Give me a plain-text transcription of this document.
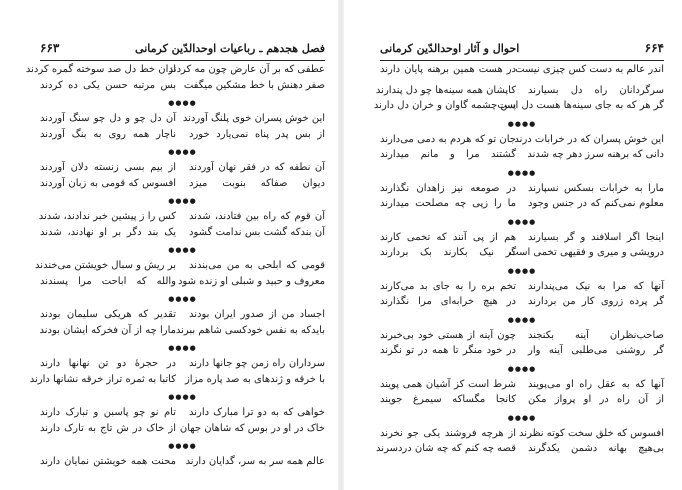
۶۶۳	فصل هجدهم ـ رباعیات اوحدالدّین کرمانی
عطفی که بر آن عارض چون مه کردند
ازان خط دل صد سوخته گمره کردند
صفر دهنش با خط مشکین میگفت
بس مرتبه حسن یکی ده کردند
●●●●
این خوش پسران خوی پلنگ آوردند
آن دل چو و دل چو سنگ آوردند
از بس پدر پناه نمی‌یارد خورد
ناچار همه روی به بنگ آوردند
●●●●
آن نطفه که در فقر نهان آوردند
از بیم بسی زنسته دلان آوردند
دیوان صفاکه بنوبت میزد
افسوس که قومی به زبان آوردند
●●●●
آن قوم که راه بین فتادند، شدند
کس را ز پیشین خبر ندادند، شدند
آن بندکه گشت بس ندامت گشود
یک بند دگر بر او نهادند، شدند
●●●●
قومی که ابلحی به من می‌بندند
بر ریش و سبال خویشتن می‌خندند
معروف و حبید و شبلی او زنده شود
والله که اباحت مرا پسندند
●●●●
اجساد من از صدور ایران بودند
تقدیر که هریکی سلیمان بودند
بایدکه به نفس خودکسی شاهم ببرند
مارا چه از آن فخرکه ایشان بودند
●●●●
سرداران راه زمن چو جانها دارند
در حجرۀ دو تن نهانها دارند
با خرقه و ژندهای به صد پاره مزاز
کاتبا به ثمره تراز خرقه نشانها دارند
●●●●
خواهی که به دو ترا مبارک دارند
تام نو چو پاسبن و تبارک دارند
خاک در او در بوس که شاهان جهان
از خاک در ش تاج به تارک دارند
●●●●
عالم همه سر به سر، گدایان دارند
محنت همه خویشتن نمایان دارند
احوال و آثار اوحدالدّین کرمانی	۶۶۴
اندر عالم به دست کس چیزی نیست
در هست همین برهنه پایان دارند
سرگردانان راه دل بسیارند
کاپشان همه سینه‌ها چو دل پندارند
گر هر که به جای سینه‌ها هست دل است
پس چشمه گاوان و خران دل دارند
●●●●
این خوش پسران که در خرابات درند
جان تو که هردم به دمی می‌دارند
دانی که برهنه سرز دهر چه شدند
گشتند مرا و مانم میدارند
●●●●
مارا به خرابات بسکس نسپارند
در صومعه نیز زاهدان نگذارند
معلوم نمی‌کنم که در جنس وجود
ما را زپی چه مصلحت میدارند
●●●●
اینجا اگر اسلافند و گر بسیارند
هم از پی آنند که تخمی کارند
درویشی و میری و فقیهی تخمی است
گر نیک بکارند بک بردارند
●●●●
آنها که مرا به نیک می‌پندارند
تخم بره را به جای بد می‌کارند
گر پرده زروی کار من بردارند
در هیچ خرابه‌ای مرا نگذارند
●●●●
صاحب‌نظران آینه بکنجند
چون آینه از هستی خود بی‌خبرند
گر روشنی می‌طلبی آینه وار
در خود منگر تا همه در تو نگرند
●●●●
آنها که به عقل راه او می‌پویند
شرط است کز آشیان همی پویند
از آن راه در او پرواز مکن
کانجا مگساکه سیمرغ جویند
●●●●
افسوس که خلق سخت کوته نظرند
از هرچه فروشند یکی جو نخرند
بی‌هیچ بهانه دشمن یکدگرند
قصه چه کنم که چه شان دردسرند
